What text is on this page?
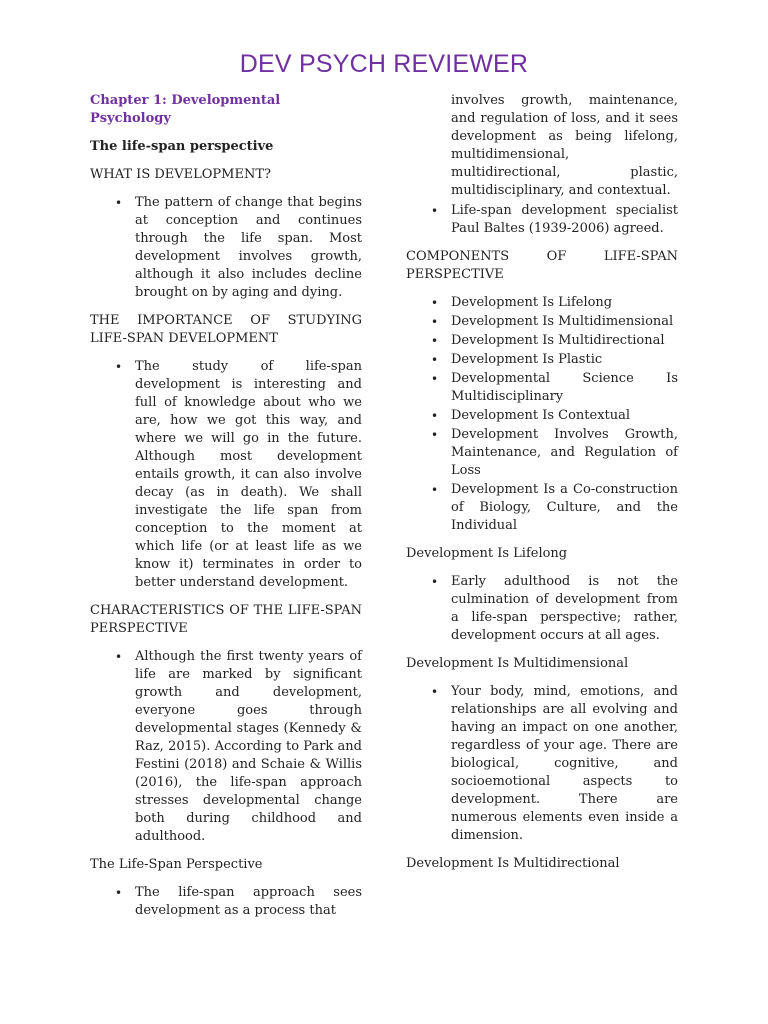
DEV PSYCH REVIEWER
Chapter 1: Developmental Psychology
The life-span perspective

WHAT IS DEVELOPMENT?

• The pattern of change that begins at conception and continues through the life span. Most development involves growth, although it also includes decline brought on by aging and dying.

THE IMPORTANCE OF STUDYING LIFE-SPAN DEVELOPMENT

• The study of life-span development is interesting and full of knowledge about who we are, how we got this way, and where we will go in the future. Although most development entails growth, it can also involve decay (as in death). We shall investigate the life span from conception to the moment at which life (or at least life as we know it) terminates in order to better understand development.

CHARACTERISTICS OF THE LIFE-SPAN PERSPECTIVE

• Although the first twenty years of life are marked by significant growth and development, everyone goes through developmental stages (Kennedy & Raz, 2015). According to Park and Festini (2018) and Schaie & Willis (2016), the life-span approach stresses developmental change both during childhood and adulthood.

The Life-Span Perspective

• The life-span approach sees development as a process that
involves growth, maintenance, and regulation of loss, and it sees development as being lifelong, multidimensional, multidirectional, plastic, multidisciplinary, and contextual.
• Life-span development specialist Paul Baltes (1939-2006) agreed.

COMPONENTS OF LIFE-SPAN PERSPECTIVE

• Development Is Lifelong
• Development Is Multidimensional
• Development Is Multidirectional
• Development Is Plastic
• Developmental Science Is Multidisciplinary
• Development Is Contextual
• Development Involves Growth, Maintenance, and Regulation of Loss
• Development Is a Co-construction of Biology, Culture, and the Individual

Development Is Lifelong

• Early adulthood is not the culmination of development from a life-span perspective; rather, development occurs at all ages.

Development Is Multidimensional

• Your body, mind, emotions, and relationships are all evolving and having an impact on one another, regardless of your age. There are biological, cognitive, and socioemotional aspects to development. There are numerous elements even inside a dimension.

Development Is Multidirectional
